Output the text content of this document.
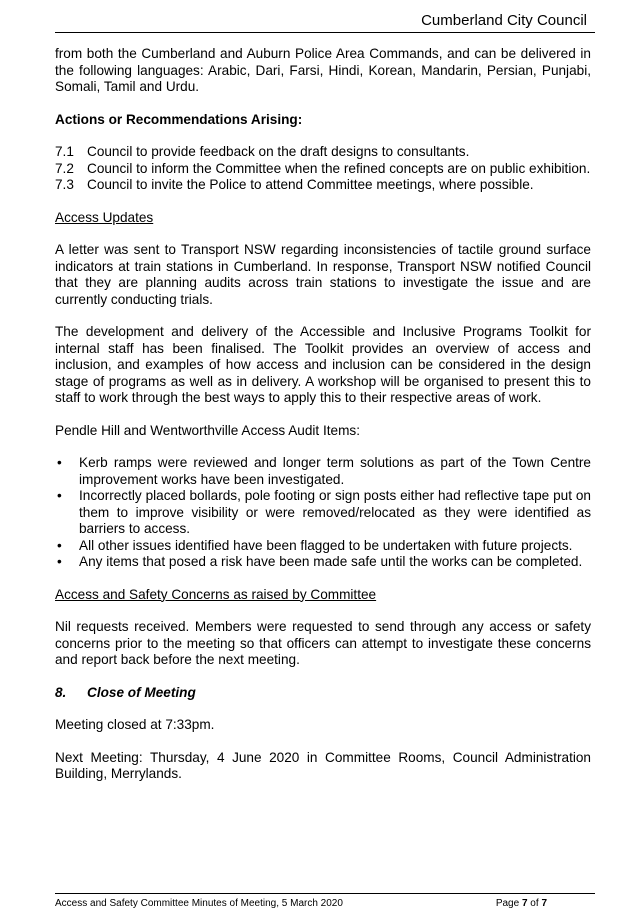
Cumberland City Council

from both the Cumberland and Auburn Police Area Commands, and can be delivered in the following languages: Arabic, Dari, Farsi, Hindi, Korean, Mandarin, Persian, Punjabi, Somali, Tamil and Urdu.

Actions or Recommendations Arising:

7.1 Council to provide feedback on the draft designs to consultants.
7.2 Council to inform the Committee when the refined concepts are on public exhibition.
7.3 Council to invite the Police to attend Committee meetings, where possible.

Access Updates

A letter was sent to Transport NSW regarding inconsistencies of tactile ground surface indicators at train stations in Cumberland. In response, Transport NSW notified Council that they are planning audits across train stations to investigate the issue and are currently conducting trials.

The development and delivery of the Accessible and Inclusive Programs Toolkit for internal staff has been finalised. The Toolkit provides an overview of access and inclusion, and examples of how access and inclusion can be considered in the design stage of programs as well as in delivery. A workshop will be organised to present this to staff to work through the best ways to apply this to their respective areas of work.

Pendle Hill and Wentworthville Access Audit Items:

•	Kerb ramps were reviewed and longer term solutions as part of the Town Centre improvement works have been investigated.
•	Incorrectly placed bollards, pole footing or sign posts either had reflective tape put on them to improve visibility or were removed/relocated as they were identified as barriers to access.
•	All other issues identified have been flagged to be undertaken with future projects.
•	Any items that posed a risk have been made safe until the works can be completed.

Access and Safety Concerns as raised by Committee

Nil requests received. Members were requested to send through any access or safety concerns prior to the meeting so that officers can attempt to investigate these concerns and report back before the next meeting.

8.	Close of Meeting

Meeting closed at 7:33pm.

Next Meeting: Thursday, 4 June 2020 in Committee Rooms, Council Administration Building, Merrylands.

Access and Safety Committee Minutes of Meeting, 5 March 2020	Page 7 of 7
